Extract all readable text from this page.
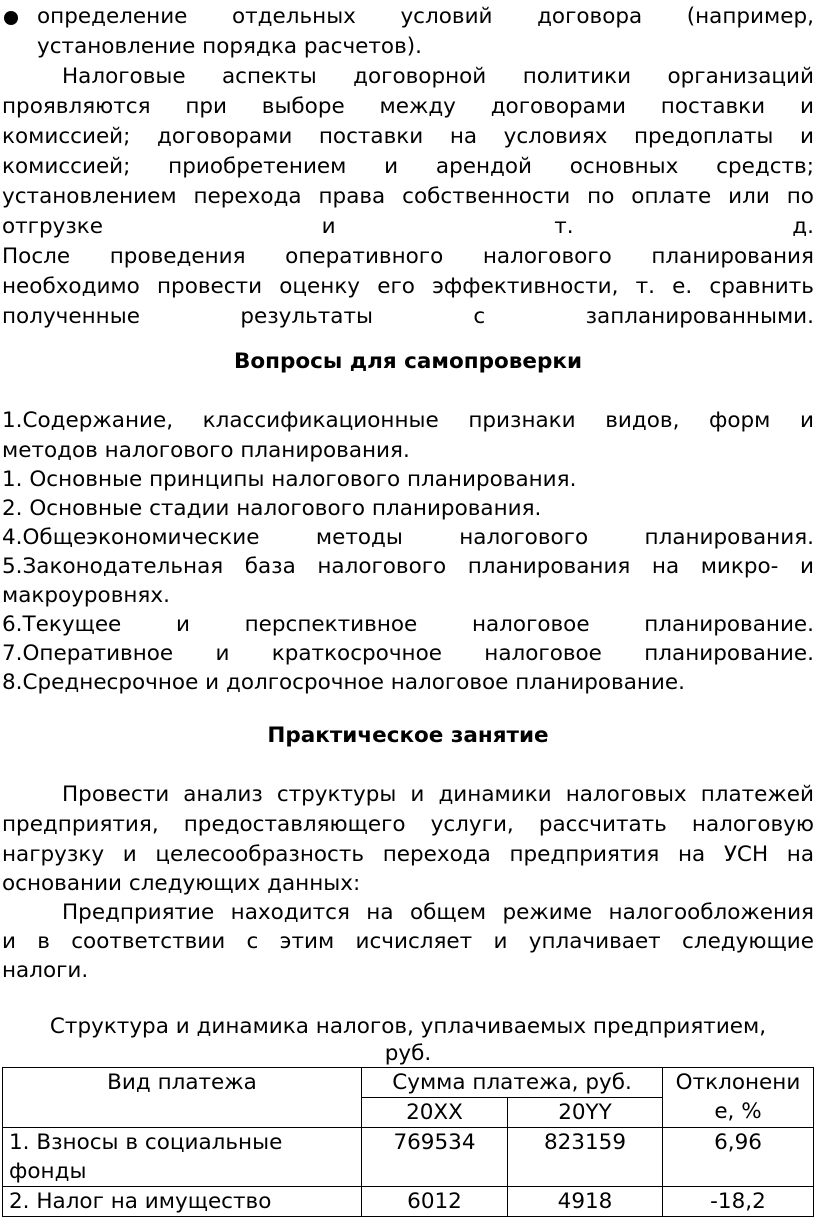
определение отдельных условий договора (например,
установление порядка расчетов).
Налоговые аспекты договорной политики организаций
проявляются при выборе между договорами поставки и
комиссией; договорами поставки на условиях предоплаты и
комиссией; приобретением и арендой основных средств;
установлением перехода права собственности по оплате или по
отгрузке	и	т.	д.
После проведения оперативного налогового планирования
необходимо провести оценку его эффективности, т. е. сравнить
полученные	результаты	с	запланированными.
Вопросы для самопроверки
1.Содержание, классификационные признаки видов, форм и
методов налогового планирования.
1. Основные принципы налогового планирования.
2. Основные стадии налогового планирования.
4.Общеэкономические	методы	налогового	планирования.
5.Законодательная база налогового планирования на микро- и
макроуровнях.
6.Текущее	и	перспективное	налоговое	планирование.
7.Оперативное и краткосрочное налоговое планирование.
8.Среднесрочное и долгосрочное налоговое планирование.
Практическое занятие
Провести анализ структуры и динамики налоговых платежей
предприятия, предоставляющего услуги, рассчитать налоговую
нагрузку и целесообразность перехода предприятия на УСН на
основании следующих данных:
Предприятие находится на общем режиме налогообложения
и в соответствии с этим исчисляет и уплачивает следующие
налоги.
Структура и динамика налогов, уплачиваемых предприятием,
руб.
Вид платежа	Сумма платежа, руб.		Отклонени
е, %

	20XX	20YY	

1. Взносы в социальные
фонды	769534	823159	6,96
2. Налог на имущество	6012	4918	-18,2
